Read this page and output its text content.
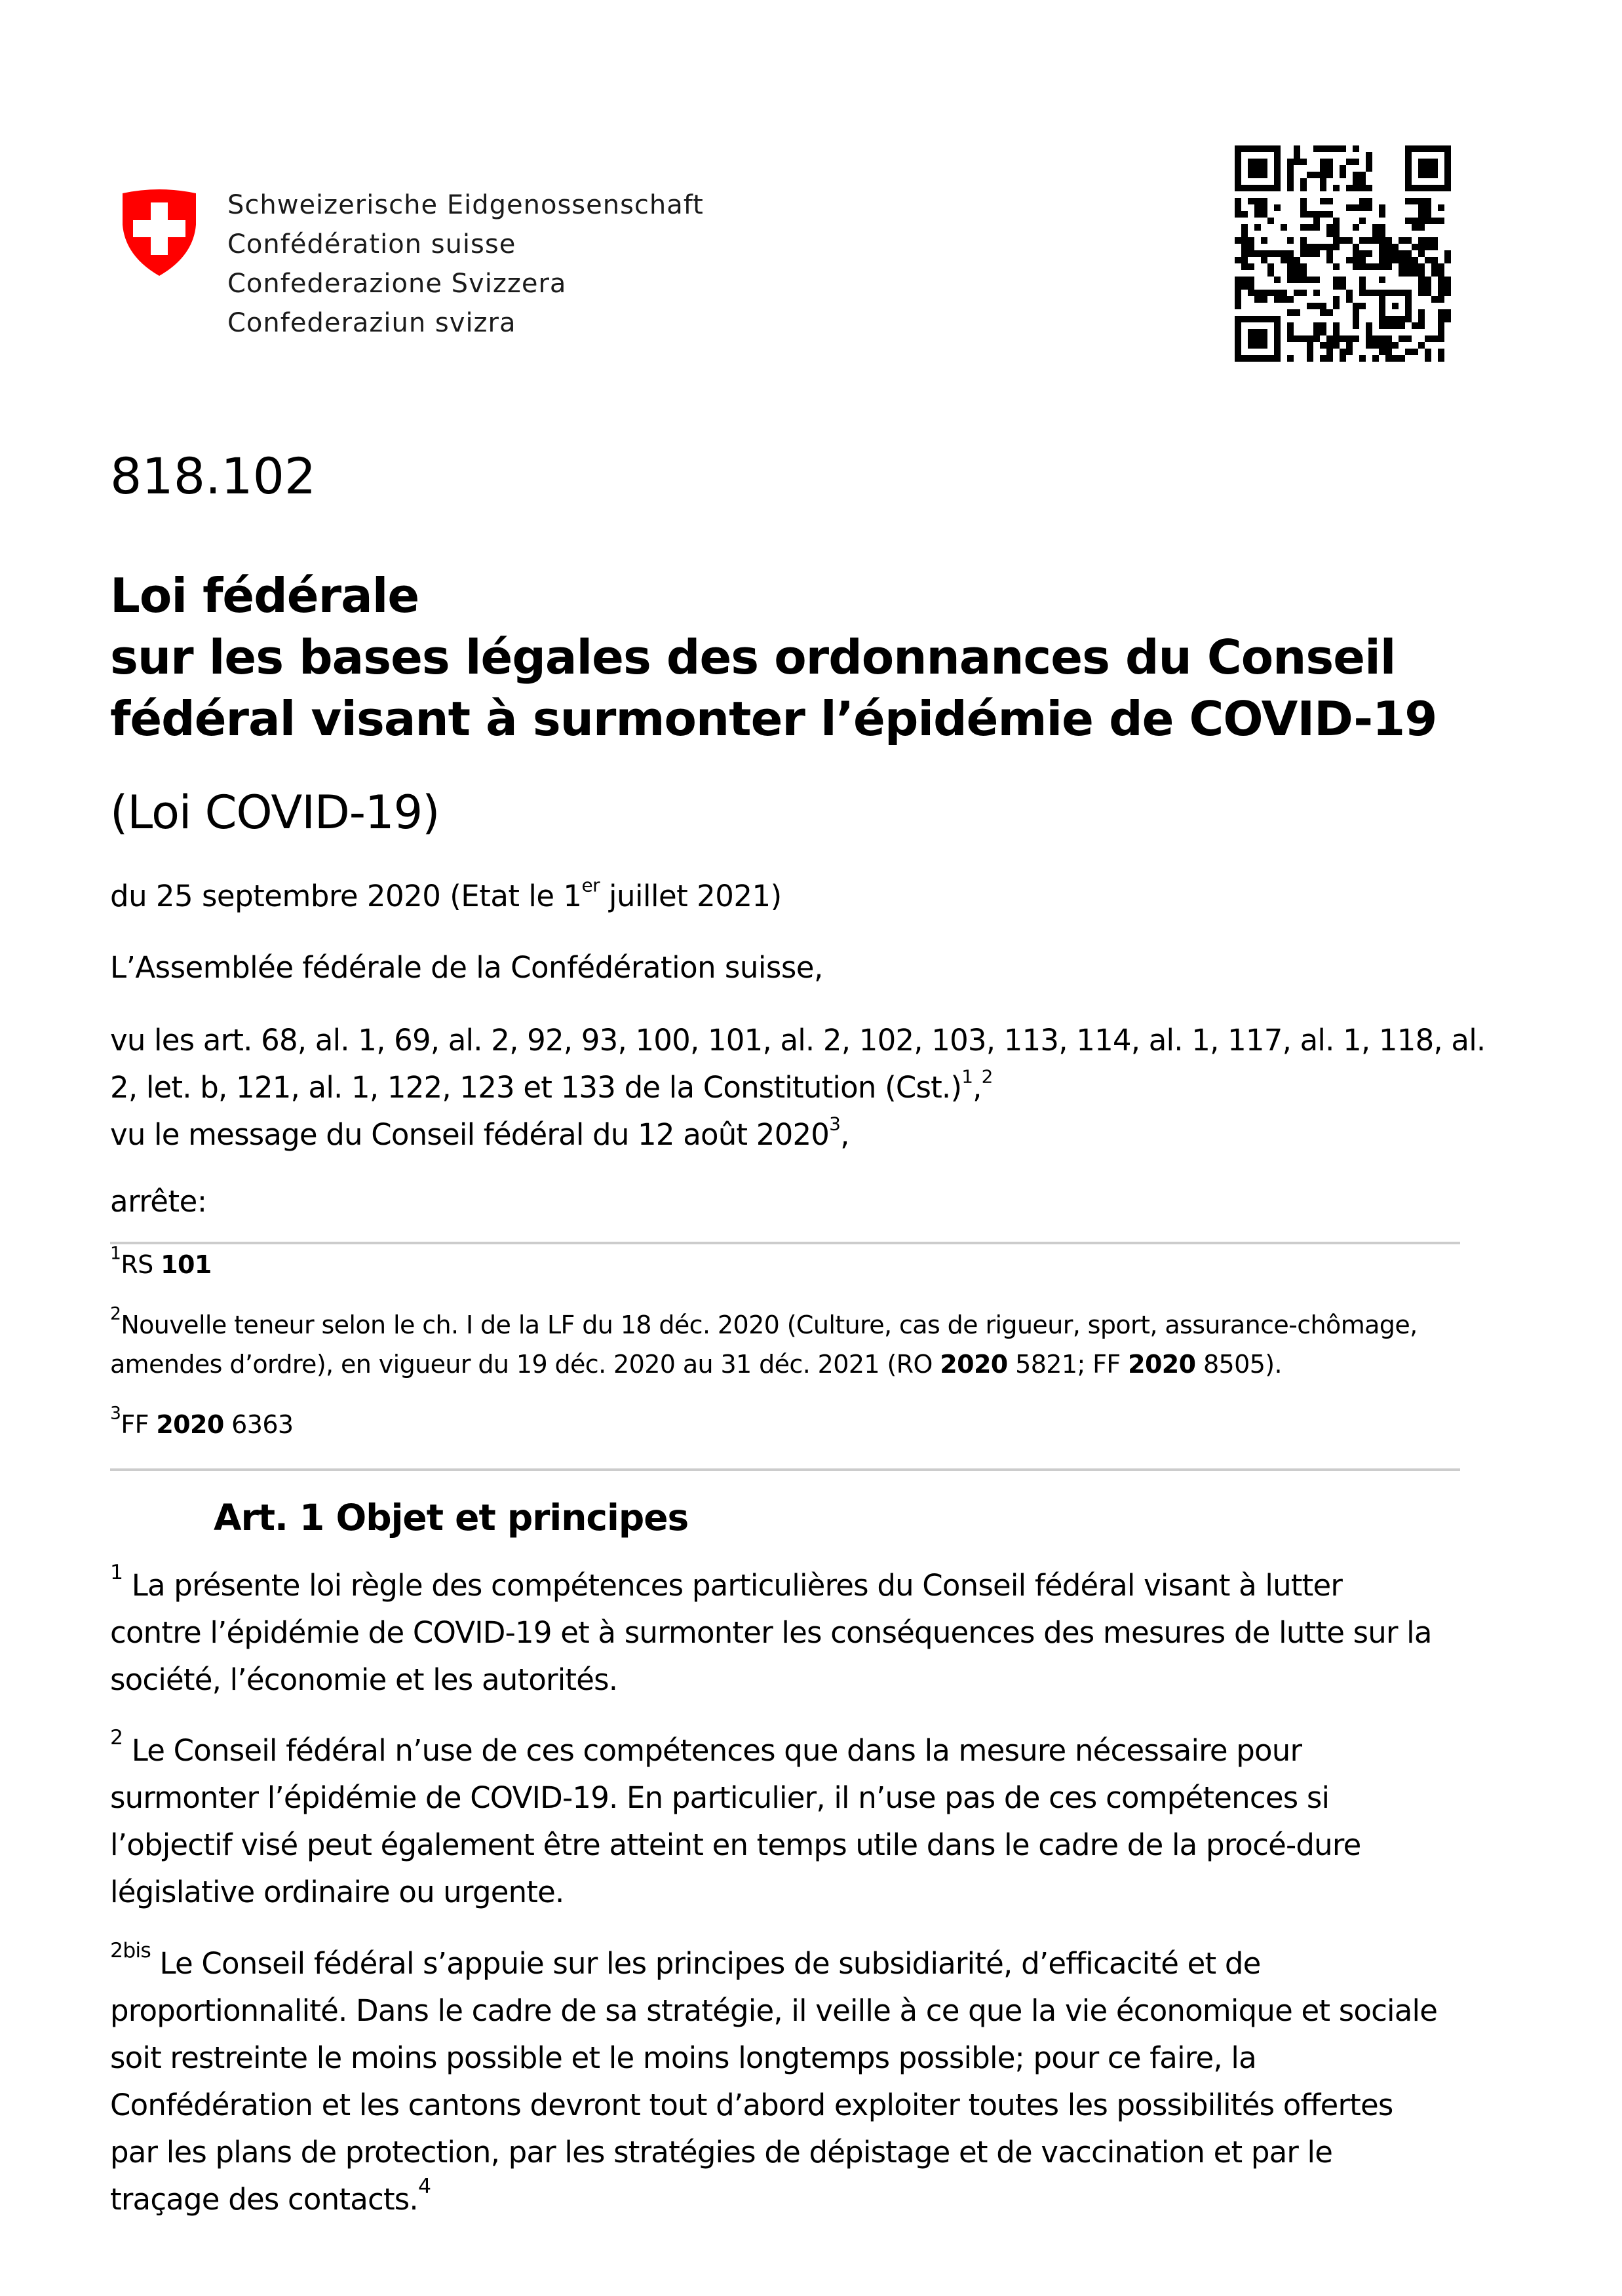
Schweizerische Eidgenossenschaft
Confédération suisse
Confederazione Svizzera
Confederaziun svizra
818.102
Loi fédérale
sur les bases légales des ordonnances du Conseil
fédéral visant à surmonter l’épidémie de COVID-19
(Loi COVID-19)
du 25 septembre 2020 (Etat le 1er juillet 2021)
L’Assemblée fédérale de la Confédération suisse,
vu les art. 68, al. 1, 69, al. 2, 92, 93, 100, 101, al. 2, 102, 103, 113, 114, al. 1, 117, al. 1, 118, al.
2, let. b, 121, al. 1, 122, 123 et 133 de la Constitution $(Cst.)^1,^2$
vu le message du Conseil fédéral du 12 août 2020$^3$,
arrête:
$^1$RS 101
$^2$Nouvelle teneur selon le ch. I de la LF du 18 déc. 2020 (Culture, cas de rigueur, sport, assurance-chômage,
amendes d’ordre), en vigueur du 19 déc. 2020 au 31 déc. 2021 (RO 2020 5821; FF 2020 8505).
$^3$FF 2020 6363
Art. 1 Objet et principes
$^1$ La présente loi règle des compétences particulières du Conseil fédéral visant à lutter
contre l’épidémie de COVID-19 et à surmonter les conséquences des mesures de lutte sur la
société, l’économie et les autorités.
$^2$ Le Conseil fédéral n’use de ces compétences que dans la mesure nécessaire pour
surmonter l’épidémie de COVID-19. En particulier, il n’use pas de ces compétences si
l’objectif visé peut également être atteint en temps utile dans le cadre de la procé-dure
législative ordinaire ou urgente.
$^{2bis}$ Le Conseil fédéral s’appuie sur les principes de subsidiarité, d’efficacité et de
proportionnalité. Dans le cadre de sa stratégie, il veille à ce que la vie économique et sociale
soit restreinte le moins possible et le moins longtemps possible; pour ce faire, la
Confédération et les cantons devront tout d’abord exploiter toutes les possibilités offertes
par les plans de protection, par les stratégies de dépistage et de vaccination et par le
traçage des contacts.$^4$
